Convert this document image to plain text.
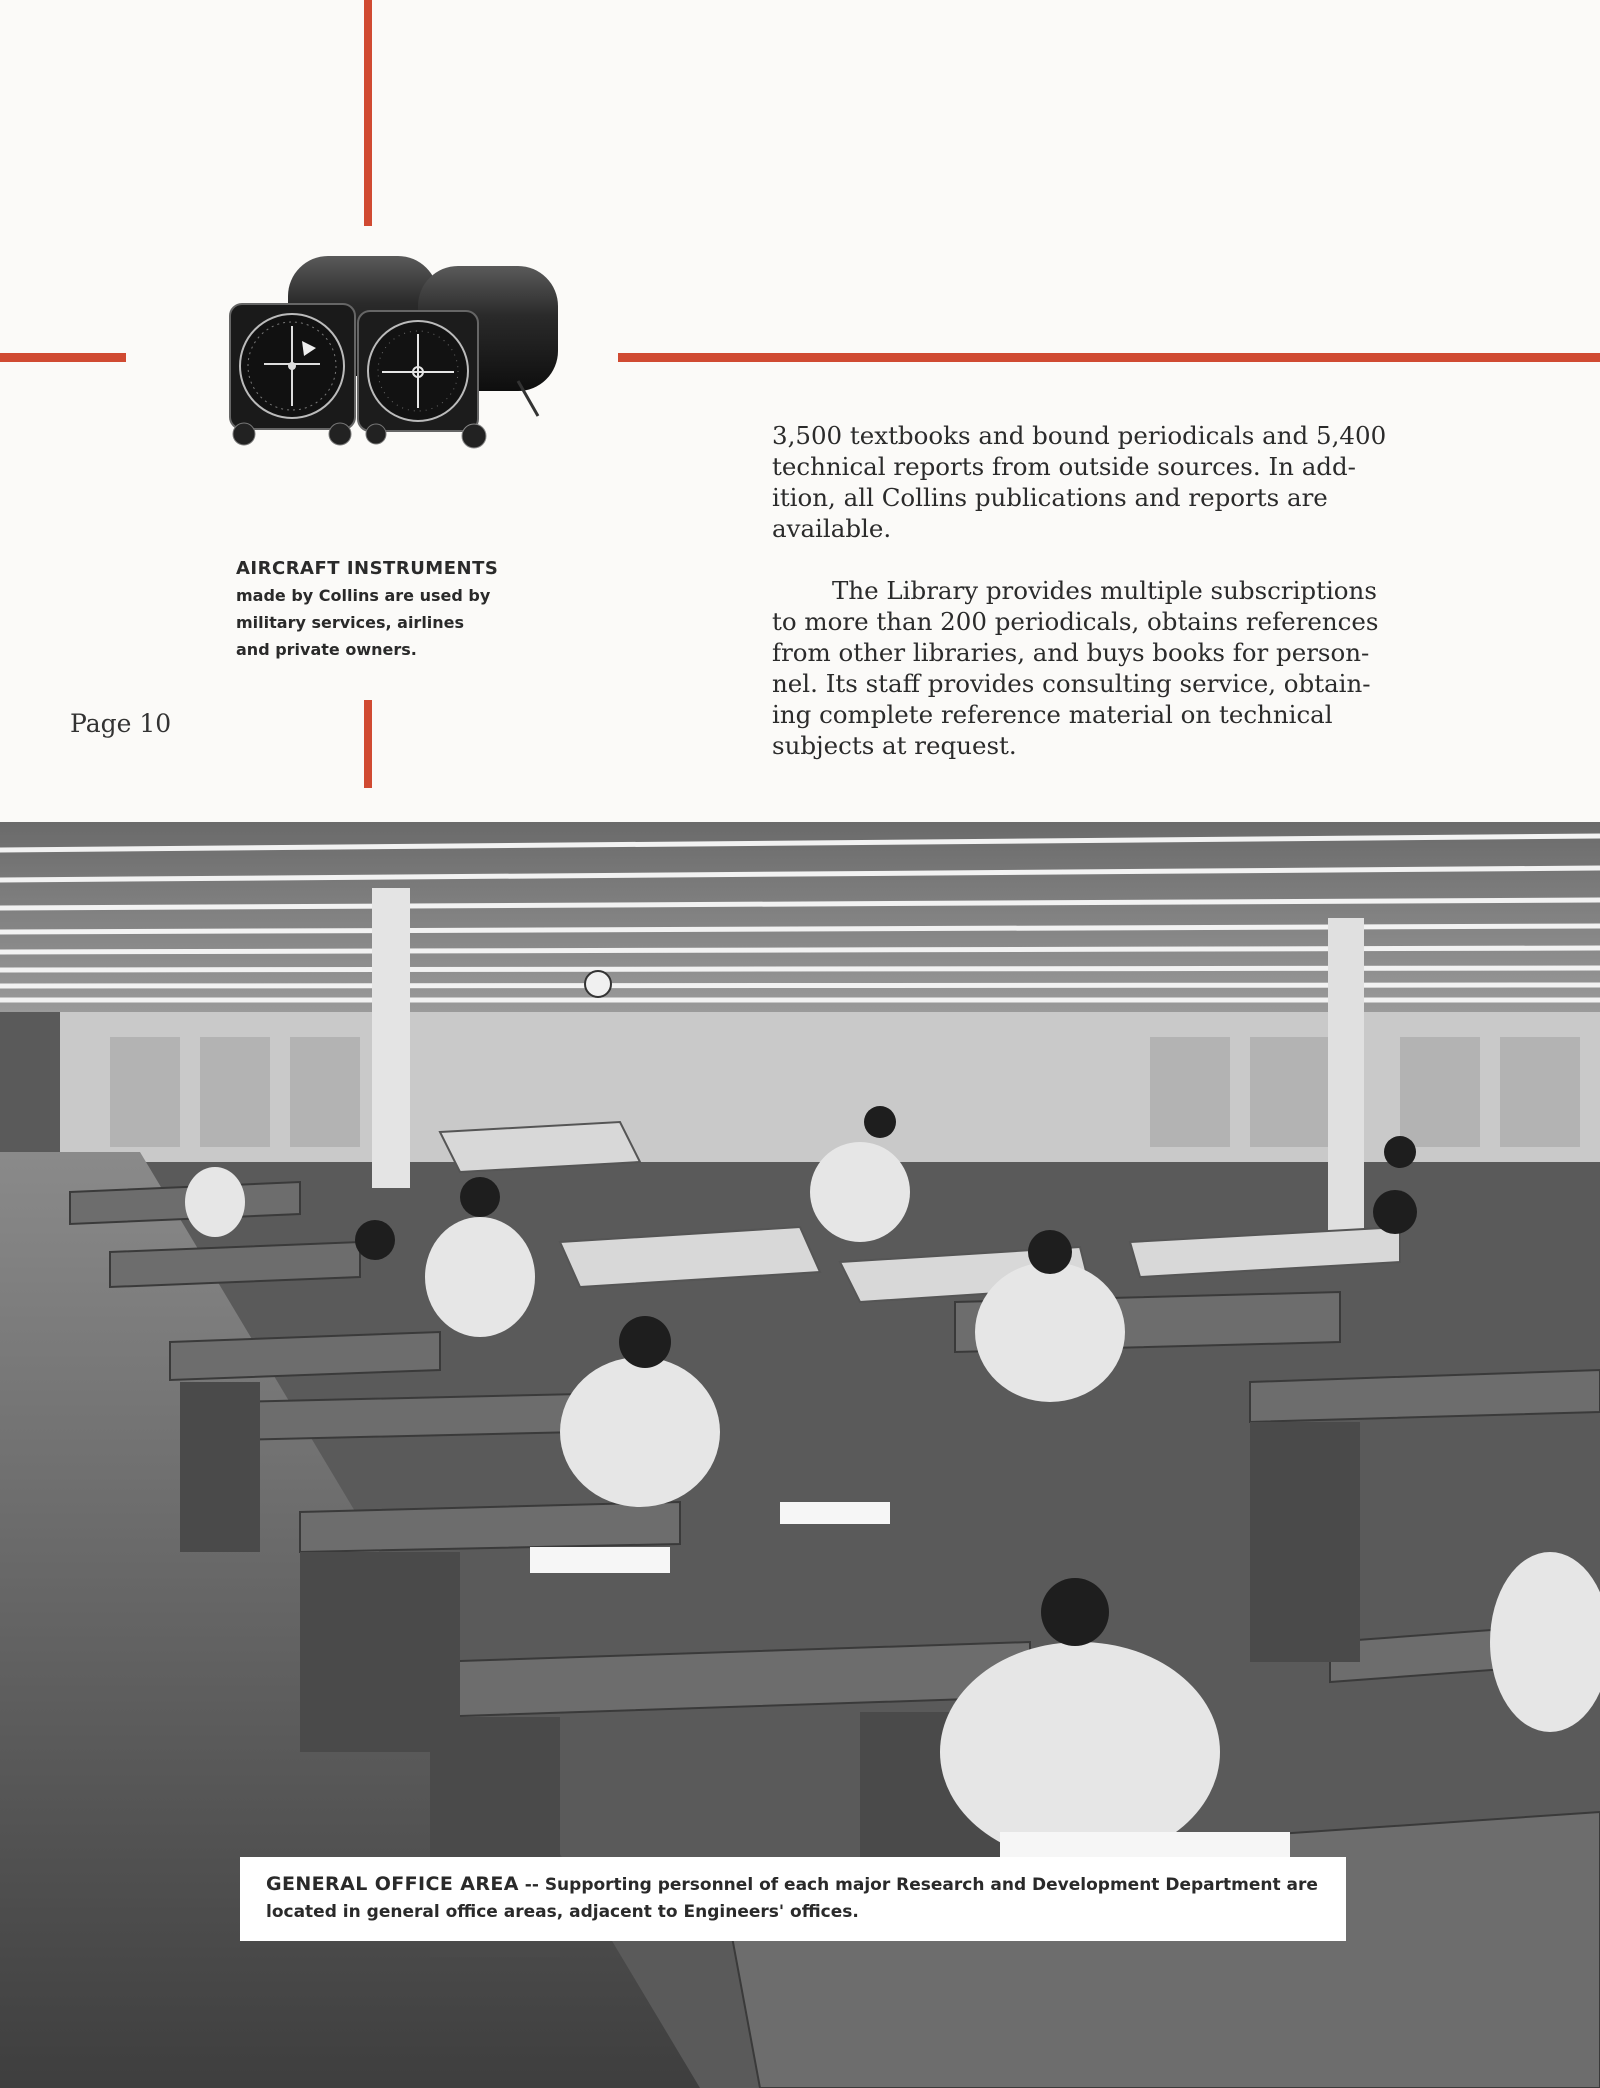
AIRCRAFT INSTRUMENTS
made by Collins are used by
military services, airlines
and private owners.
Page 10

3,500 textbooks and bound periodicals and 5,400
technical reports from outside sources. In add-
ition, all Collins publications and reports are
available.

The Library provides multiple subscriptions
to more than 200 periodicals, obtains references
from other libraries, and buys books for person-
nel. Its staff provides consulting service, obtain-
ing complete reference material on technical
subjects at request.

GENERAL OFFICE AREA -- Supporting personnel of each major Research and Development Department are
located in general office areas, adjacent to Engineers' offices.
